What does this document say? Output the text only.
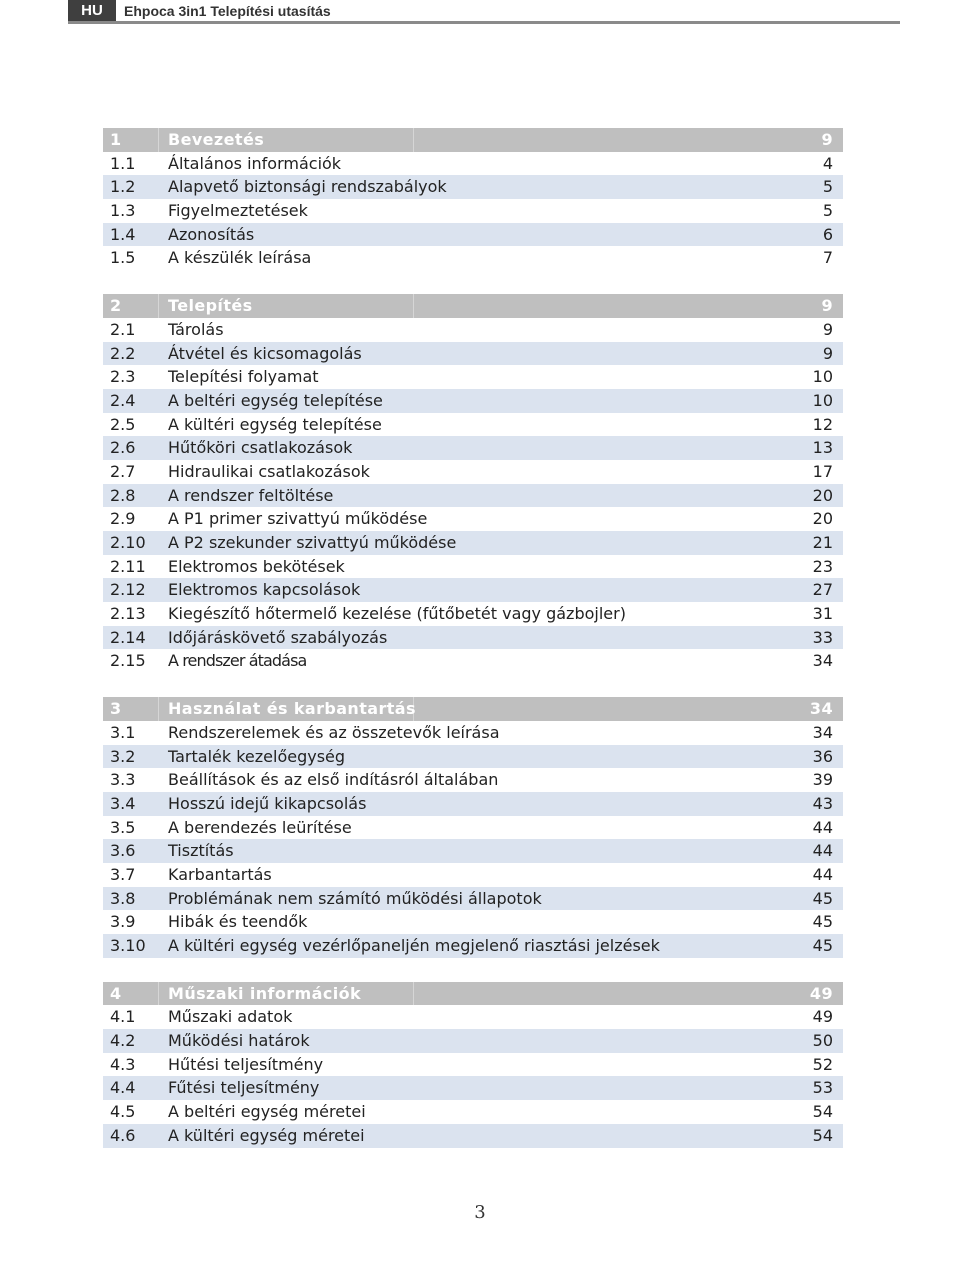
HU	Ehpoca 3in1 Telepítési utasítás
1	Bevezetés	9
1.1 Általános információk	4
1.2 Alapvető biztonsági rendszabályok	5
1.3 Figyelmeztetések	5
1.4 Azonosítás	6
1.5 A készülék leírása	7
2	Telepítés	9
2.1 Tárolás	9
2.2 Átvétel és kicsomagolás	9
2.3 Telepítési folyamat	10
2.4 A beltéri egység telepítése	10
2.5 A kültéri egység telepítése	12
2.6 Hűtőköri csatlakozások	13
2.7 Hidraulikai csatlakozások	17
2.8 A rendszer feltöltése	20
2.9 A P1 primer szivattyú működése	20
2.10 A P2 szekunder szivattyú működése	21
2.11 Elektromos bekötések	23
2.12 Elektromos kapcsolások	27
2.13 Kiegészítő hőtermelő kezelése (fűtőbetét vagy gázbojler)	31
2.14 Időjáráskövető szabályozás	33
2.15 A rendszer átadása	34
3	Használat és karbantartás	34
3.1 Rendszerelemek és az összetevők leírása	34
3.2 Tartalék kezelőegység	36
3.3 Beállítások és az első indításról általában	39
3.4 Hosszú idejű kikapcsolás	43
3.5 A berendezés leürítése	44
3.6 Tisztítás	44
3.7 Karbantartás	44
3.8 Problémának nem számító működési állapotok	45
3.9 Hibák és teendők	45
3.10 A kültéri egység vezérlőpaneljén megjelenő riasztási jelzések	45
4	Műszaki információk	49
4.1 Műszaki adatok	49
4.2 Működési határok	50
4.3 Hűtési teljesítmény	52
4.4 Fűtési teljesítmény	53
4.5 A beltéri egység méretei	54
4.6 A kültéri egység méretei	54
3
